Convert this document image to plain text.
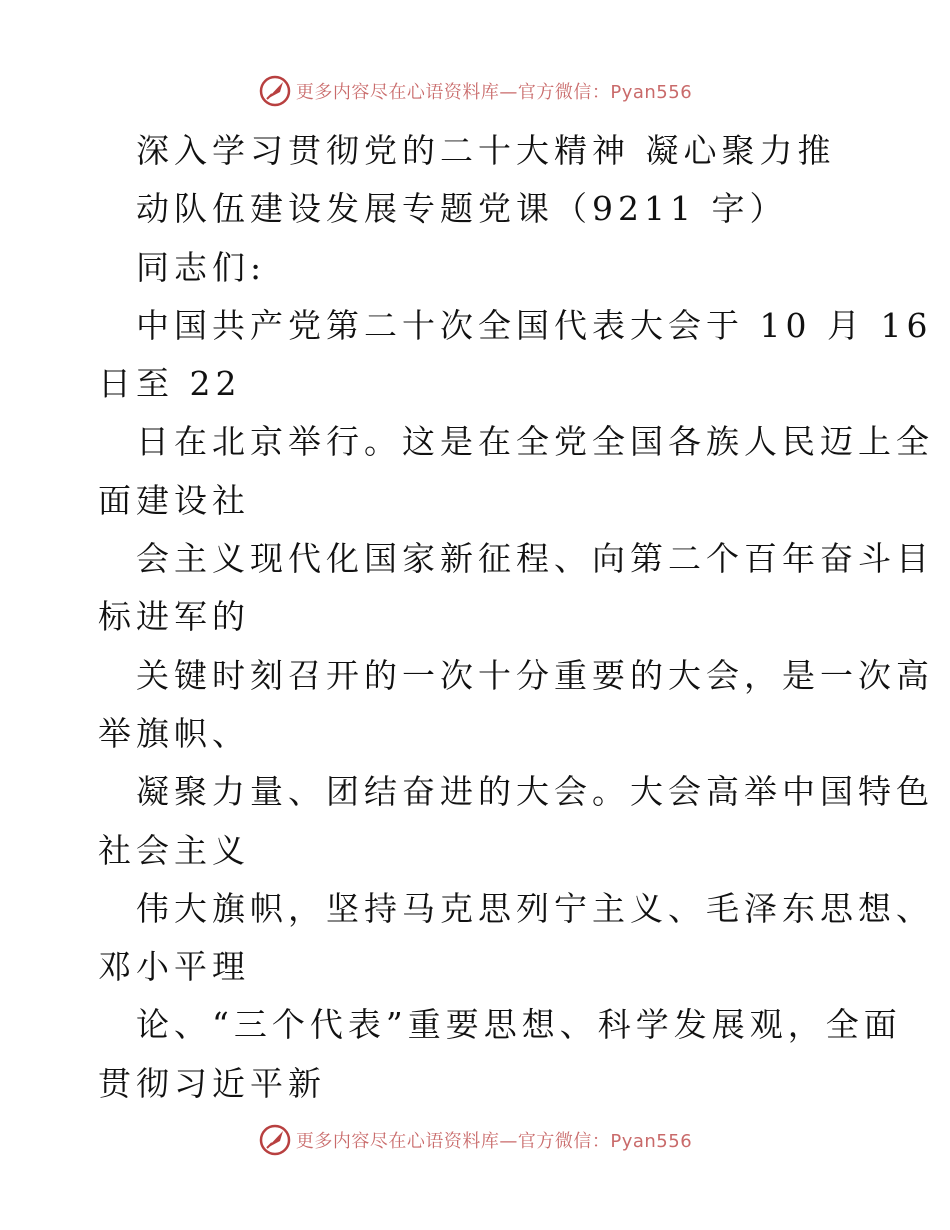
更多内容尽在心语资料库—官方微信：Pyan556
深入学习贯彻党的二十大精神 凝心聚力推
动队伍建设发展专题党课（9211 字）
同志们:
中国共产党第二十次全国代表大会于 10 月 16
日至 22
日在北京举行。这是在全党全国各族人民迈上全
面建设社
会主义现代化国家新征程、向第二个百年奋斗目
标进军的
关键时刻召开的一次十分重要的大会，是一次高
举旗帜、
凝聚力量、团结奋进的大会。大会高举中国特色
社会主义
伟大旗帜，坚持马克思列宁主义、毛泽东思想、
邓小平理
论、“三个代表”重要思想、科学发展观，全面
贯彻习近平新
更多内容尽在心语资料库—官方微信：Pyan556
